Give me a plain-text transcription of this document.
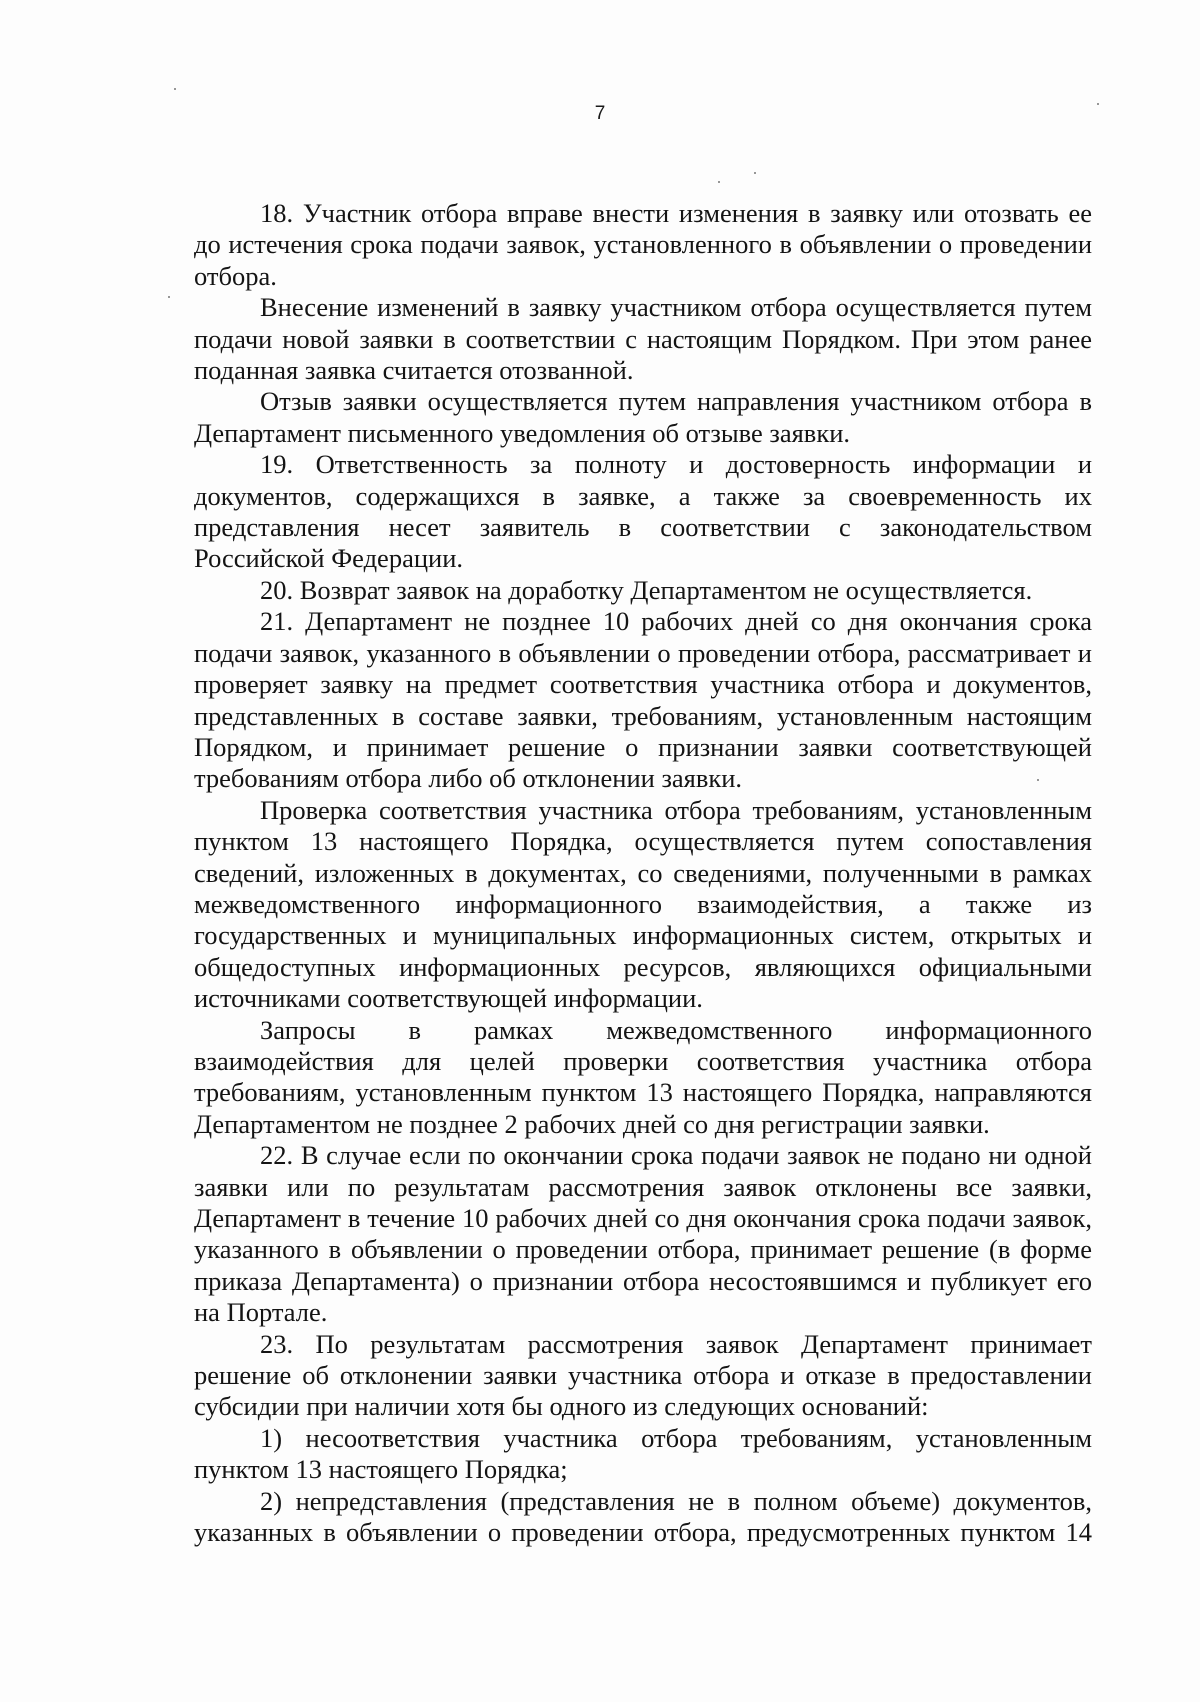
7

18. Участник отбора вправе внести изменения в заявку или отозвать ее до истечения срока подачи заявок, установленного в объявлении о проведении отбора.

Внесение изменений в заявку участником отбора осуществляется путем подачи новой заявки в соответствии с настоящим Порядком. При этом ранее поданная заявка считается отозванной.

Отзыв заявки осуществляется путем направления участником отбора в Департамент письменного уведомления об отзыве заявки.

19. Ответственность за полноту и достоверность информации и документов, содержащихся в заявке, а также за своевременность их представления несет заявитель в соответствии с законодательством Российской Федерации.

20. Возврат заявок на доработку Департаментом не осуществляется.

21. Департамент не позднее 10 рабочих дней со дня окончания срока подачи заявок, указанного в объявлении о проведении отбора, рассматривает и проверяет заявку на предмет соответствия участника отбора и документов, представленных в составе заявки, требованиям, установленным настоящим Порядком, и принимает решение о признании заявки соответствующей требованиям отбора либо об отклонении заявки.

Проверка соответствия участника отбора требованиям, установленным пунктом 13 настоящего Порядка, осуществляется путем сопоставления сведений, изложенных в документах, со сведениями, полученными в рамках межведомственного информационного взаимодействия, а также из государственных и муниципальных информационных систем, открытых и общедоступных информационных ресурсов, являющихся официальными источниками соответствующей информации.

Запросы в рамках межведомственного информационного взаимодействия для целей проверки соответствия участника отбора требованиям, установленным пунктом 13 настоящего Порядка, направляются Департаментом не позднее 2 рабочих дней со дня регистрации заявки.

22. В случае если по окончании срока подачи заявок не подано ни одной заявки или по результатам рассмотрения заявок отклонены все заявки, Департамент в течение 10 рабочих дней со дня окончания срока подачи заявок, указанного в объявлении о проведении отбора, принимает решение (в форме приказа Департамента) о признании отбора несостоявшимся и публикует его на Портале.

23. По результатам рассмотрения заявок Департамент принимает решение об отклонении заявки участника отбора и отказе в предоставлении субсидии при наличии хотя бы одного из следующих оснований:

1) несоответствия участника отбора требованиям, установленным пунктом 13 настоящего Порядка;

2) непредставления (представления не в полном объеме) документов, указанных в объявлении о проведении отбора, предусмотренных пунктом 14
